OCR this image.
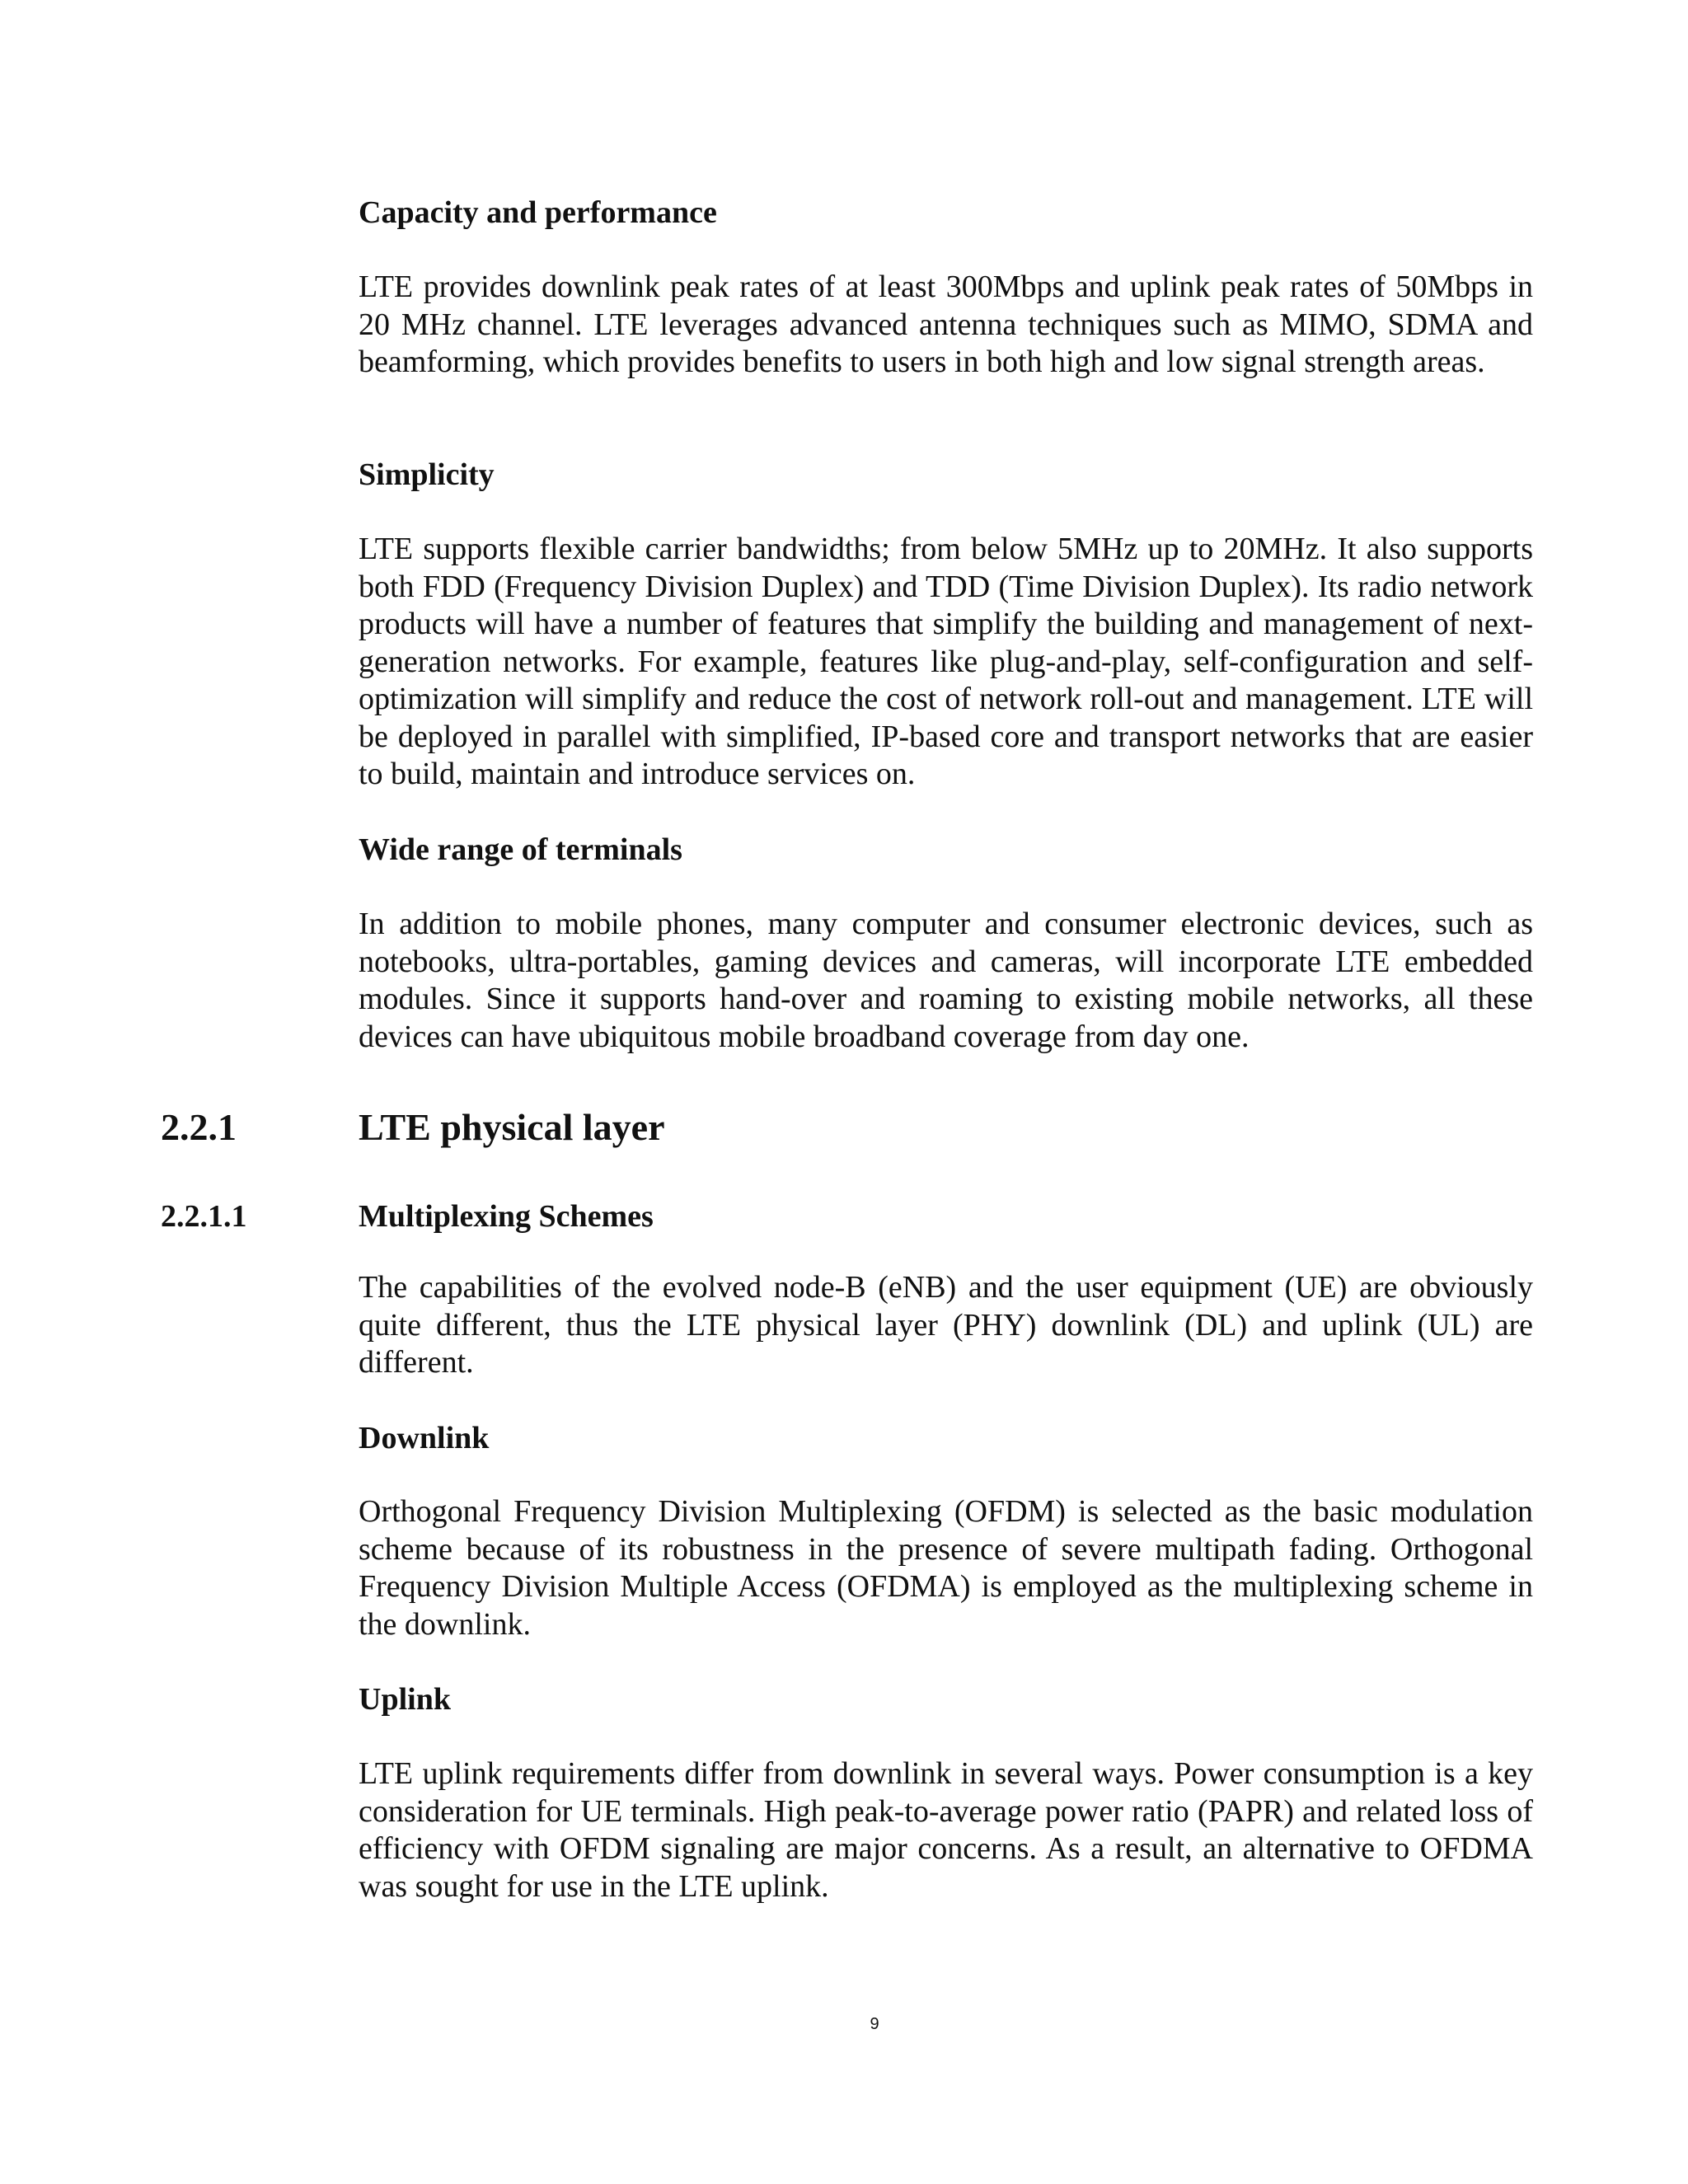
Capacity and performance

LTE provides downlink peak rates of at least 300Mbps and uplink peak rates of 50Mbps in 20 MHz channel. LTE leverages advanced antenna techniques such as MIMO, SDMA and beamforming, which provides benefits to users in both high and low signal strength areas.

Simplicity

LTE supports flexible carrier bandwidths; from below 5MHz up to 20MHz. It also supports both FDD (Frequency Division Duplex) and TDD (Time Division Duplex). Its radio network products will have a number of features that simplify the building and management of next-generation networks. For example, features like plug-and-play, self-configuration and self-optimization will simplify and reduce the cost of network roll-out and management. LTE will be deployed in parallel with simplified, IP-based core and transport networks that are easier to build, maintain and introduce services on.

Wide range of terminals

In addition to mobile phones, many computer and consumer electronic devices, such as notebooks, ultra-portables, gaming devices and cameras, will incorporate LTE embedded modules. Since it supports hand-over and roaming to existing mobile networks, all these devices can have ubiquitous mobile broadband coverage from day one.

2.2.1	LTE physical layer
2.2.1.1	Multiplexing Schemes

The capabilities of the evolved node-B (eNB) and the user equipment (UE) are obviously quite different, thus the LTE physical layer (PHY) downlink (DL) and uplink (UL) are different.

Downlink

Orthogonal Frequency Division Multiplexing (OFDM) is selected as the basic modulation scheme because of its robustness in the presence of severe multipath fading. Orthogonal Frequency Division Multiple Access (OFDMA) is employed as the multiplexing scheme in the downlink.

Uplink

LTE uplink requirements differ from downlink in several ways. Power consumption is a key consideration for UE terminals. High peak-to-average power ratio (PAPR) and related loss of efficiency with OFDM signaling are major concerns. As a result, an alternative to OFDMA was sought for use in the LTE uplink.

9
